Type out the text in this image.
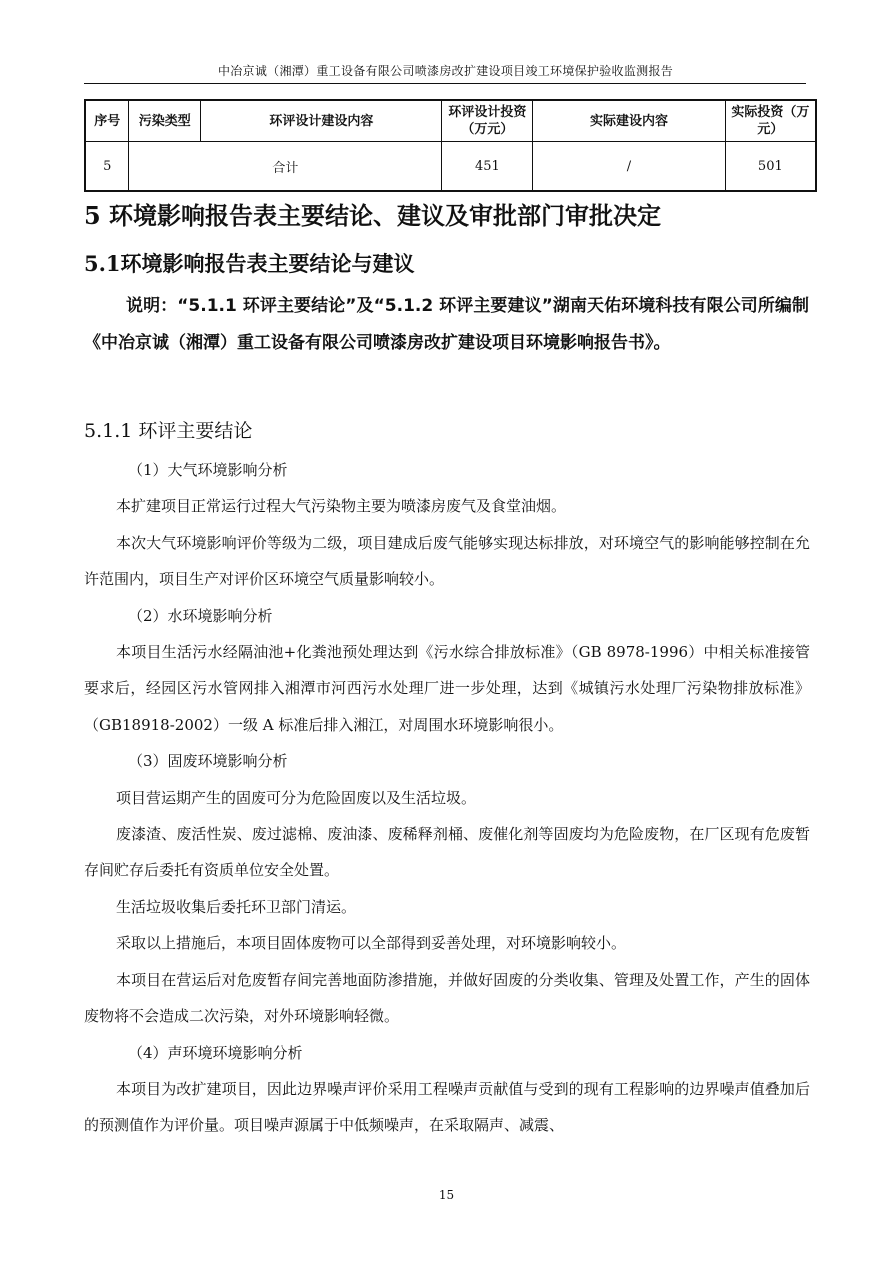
中冶京诚（湘潭）重工设备有限公司喷漆房改扩建设项目竣工环境保护验收监测报告
序号	污染类型	环评设计建设内容	环评设计投资（万元）	实际建设内容	实际投资（万元）
5	合计		451	/	501
5 环境影响报告表主要结论、建议及审批部门审批决定
5.1环境影响报告表主要结论与建议
说明：“5.1.1 环评主要结论”及“5.1.2 环评主要建议”湖南天佑环境科技有限公司所编制《中冶京诚（湘潭）重工设备有限公司喷漆房改扩建设项目环境影响报告书》。
5.1.1 环评主要结论

（1）大气环境影响分析

本扩建项目正常运行过程大气污染物主要为喷漆房废气及食堂油烟。

本次大气环境影响评价等级为二级，项目建成后废气能够实现达标排放，对环境空气的影响能够控制在允许范围内，项目生产对评价区环境空气质量影响较小。

（2）水环境影响分析

本项目生活污水经隔油池+化粪池预处理达到《污水综合排放标准》（GB 8978-1996）中相关标准接管要求后，经园区污水管网排入湘潭市河西污水处理厂进一步处理，达到《城镇污水处理厂污染物排放标准》（GB18918-2002）一级 A 标准后排入湘江，对周围水环境影响很小。

（3）固废环境影响分析

项目营运期产生的固废可分为危险固废以及生活垃圾。

废漆渣、废活性炭、废过滤棉、废油漆、废稀释剂桶、废催化剂等固废均为危险废物，在厂区现有危废暂存间贮存后委托有资质单位安全处置。

生活垃圾收集后委托环卫部门清运。

采取以上措施后，本项目固体废物可以全部得到妥善处理，对环境影响较小。

本项目在营运后对危废暂存间完善地面防渗措施，并做好固废的分类收集、管理及处置工作，产生的固体废物将不会造成二次污染，对外环境影响轻微。

（4）声环境环境影响分析

本项目为改扩建项目，因此边界噪声评价采用工程噪声贡献值与受到的现有工程影响的边界噪声值叠加后的预测值作为评价量。项目噪声源属于中低频噪声，在采取隔声、减震、

15
